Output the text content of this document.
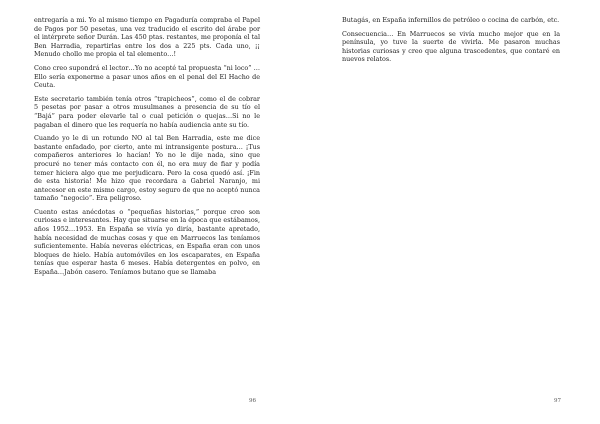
entregaría a mi. Yo al mismo tiempo en Pagaduría compraba el Papel de Pagos por 50 pesetas, una vez traducido el escrito del árabe por el intérprete señor Durán. Las 450 ptas. restantes, me proponía el tal Ben Harradia, repartirlas entre los dos a 225 pts. Cada uno, ¡¡ Menudo chollo me propia el tal elemento…!

Cono creo supondrá el lector…Yo no acepté tal propuesta “ni loco” …Ello sería exponerme a pasar unos años en el penal del El Hacho de Ceuta.

Este secretario también tenía otros “trapicheos”, como el de cobrar 5 pesetas por pasar a otros musulmanes a presencia de su tío el “Bajá” para poder elevarle tal o cual petición o quejas…Si no le pagaban el dinero que les requería no había audiencia ante su tío.

Cuando yo le di un rotundo NO al tal Ben Harradia, este me dice bastante enfadado, por cierto, ante mi intransigente postura… ¡Tus compañeros anteriores lo hacían! Yo no le dije nada, sino que procuré no tener más contacto con él, no era muy de fiar y podía temer hiciera algo que me perjudicara. Pero la cosa quedó así. ¡Fin de esta historia! Me hizo que recordara a Gabriel Naranjo, mi antecesor en este mismo cargo, estoy seguro de que no aceptó nunca tamaño “negocio”. Era peligroso.

Cuento estas anécdotas o “pequeñas historias,” porque creo son curiosas e interesantes. Hay que situarse en la época que estábamos, años 1952…1953. En España se vivía yo diría, bastante apretado, había necesidad de muchas cosas y que en Marruecos las teníamos suficientemente. Había neveras eléctricas, en España eran con unos bloques de hielo. Había automóviles en los escaparates, en España tenías que esperar hasta 6 meses. Había detergentes en polvo, en España…Jabón casero. Teníamos butano que se llamaba

96

Butagás, en España infernillos de petróleo o cocina de carbón, etc.

Consecuencia… En Marruecos se vivía mucho mejor que en la península, yo tuve la suerte de vivirla. Me pasaron muchas historias curiosas y creo que alguna trascedentes, que contaré en nuevos relatos.

97
